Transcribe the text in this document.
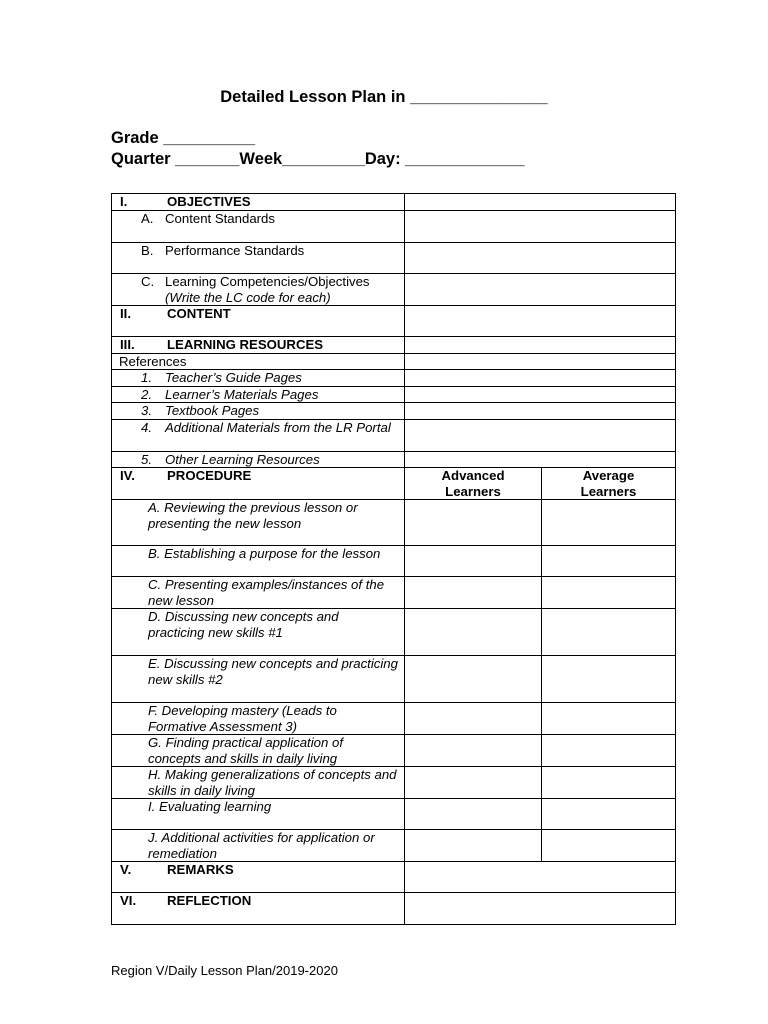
Detailed Lesson Plan in _______________
Grade __________
Quarter _______Week_________Day: _____________
I. OBJECTIVES		

A. Content Standards		

B. Performance Standards		

C. Learning Competencies/Objectives
(Write the LC code for each)		

II. CONTENT		

III. LEARNING RESOURCES		

References		

1. Teacher’s Guide Pages		

2. Learner’s Materials Pages		

3. Textbook Pages		

4. Additional Materials from the LR Portal		

5. Other Learning Resources		

IV. PROCEDURE	Advanced Learners	Average Learners

A. Reviewing the previous lesson or presenting the new lesson		

B. Establishing a purpose for the lesson		

C. Presenting examples/instances of the new lesson		

D. Discussing new concepts and practicing new skills #1		

E. Discussing new concepts and practicing new skills #2		

F. Developing mastery (Leads to Formative Assessment 3)		

G. Finding practical application of concepts and skills in daily living		

H. Making generalizations of concepts and skills in daily living		

I. Evaluating learning		

J. Additional activities for application or remediation		

V. REMARKS		

VI. REFLECTION		

Region V/Daily Lesson Plan/2019-2020
